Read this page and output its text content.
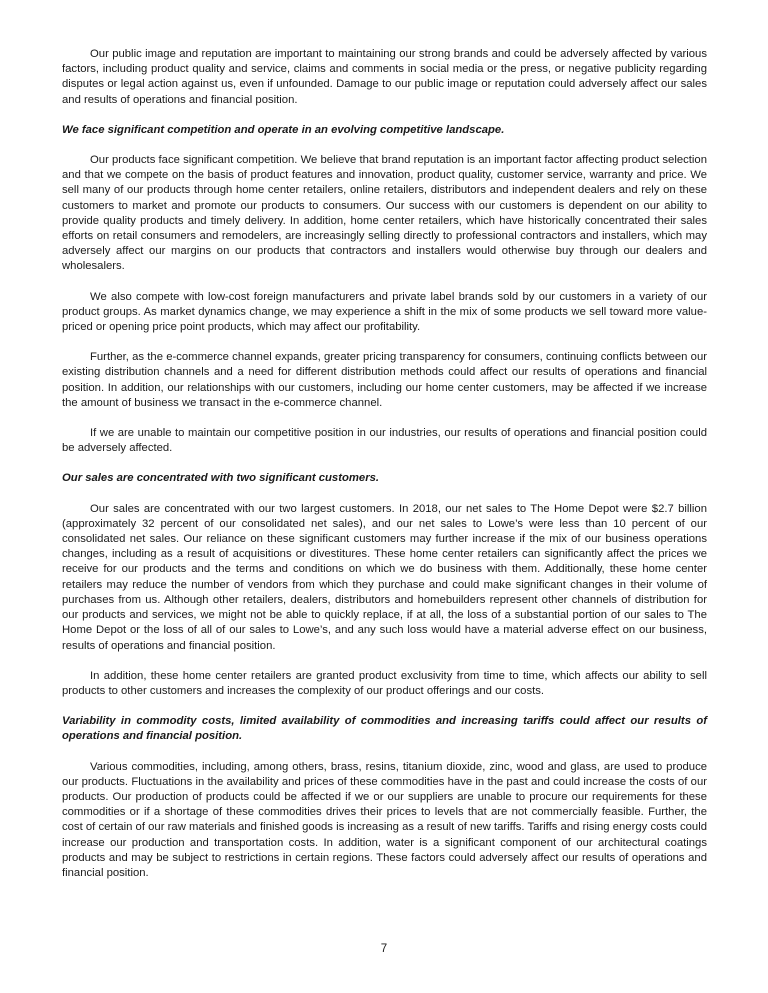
Our public image and reputation are important to maintaining our strong brands and could be adversely affected by various factors, including product quality and service, claims and comments in social media or the press, or negative publicity regarding disputes or legal action against us, even if unfounded. Damage to our public image or reputation could adversely affect our sales and results of operations and financial position.

We face significant competition and operate in an evolving competitive landscape.

Our products face significant competition. We believe that brand reputation is an important factor affecting product selection and that we compete on the basis of product features and innovation, product quality, customer service, warranty and price. We sell many of our products through home center retailers, online retailers, distributors and independent dealers and rely on these customers to market and promote our products to consumers. Our success with our customers is dependent on our ability to provide quality products and timely delivery. In addition, home center retailers, which have historically concentrated their sales efforts on retail consumers and remodelers, are increasingly selling directly to professional contractors and installers, which may adversely affect our margins on our products that contractors and installers would otherwise buy through our dealers and wholesalers.

We also compete with low-cost foreign manufacturers and private label brands sold by our customers in a variety of our product groups. As market dynamics change, we may experience a shift in the mix of some products we sell toward more value-priced or opening price point products, which may affect our profitability.

Further, as the e-commerce channel expands, greater pricing transparency for consumers, continuing conflicts between our existing distribution channels and a need for different distribution methods could affect our results of operations and financial position. In addition, our relationships with our customers, including our home center customers, may be affected if we increase the amount of business we transact in the e-commerce channel.

If we are unable to maintain our competitive position in our industries, our results of operations and financial position could be adversely affected.

Our sales are concentrated with two significant customers.

Our sales are concentrated with our two largest customers. In 2018, our net sales to The Home Depot were $2.7 billion (approximately 32 percent of our consolidated net sales), and our net sales to Lowe’s were less than 10 percent of our consolidated net sales. Our reliance on these significant customers may further increase if the mix of our business operations changes, including as a result of acquisitions or divestitures. These home center retailers can significantly affect the prices we receive for our products and the terms and conditions on which we do business with them. Additionally, these home center retailers may reduce the number of vendors from which they purchase and could make significant changes in their volume of purchases from us. Although other retailers, dealers, distributors and homebuilders represent other channels of distribution for our products and services, we might not be able to quickly replace, if at all, the loss of a substantial portion of our sales to The Home Depot or the loss of all of our sales to Lowe’s, and any such loss would have a material adverse effect on our business, results of operations and financial position.

In addition, these home center retailers are granted product exclusivity from time to time, which affects our ability to sell products to other customers and increases the complexity of our product offerings and our costs.

Variability in commodity costs, limited availability of commodities and increasing tariffs could affect our results of operations and financial position.

Various commodities, including, among others, brass, resins, titanium dioxide, zinc, wood and glass, are used to produce our products. Fluctuations in the availability and prices of these commodities have in the past and could increase the costs of our products. Our production of products could be affected if we or our suppliers are unable to procure our requirements for these commodities or if a shortage of these commodities drives their prices to levels that are not commercially feasible. Further, the cost of certain of our raw materials and finished goods is increasing as a result of new tariffs. Tariffs and rising energy costs could increase our production and transportation costs. In addition, water is a significant component of our architectural coatings products and may be subject to restrictions in certain regions. These factors could adversely affect our results of operations and financial position.

7
